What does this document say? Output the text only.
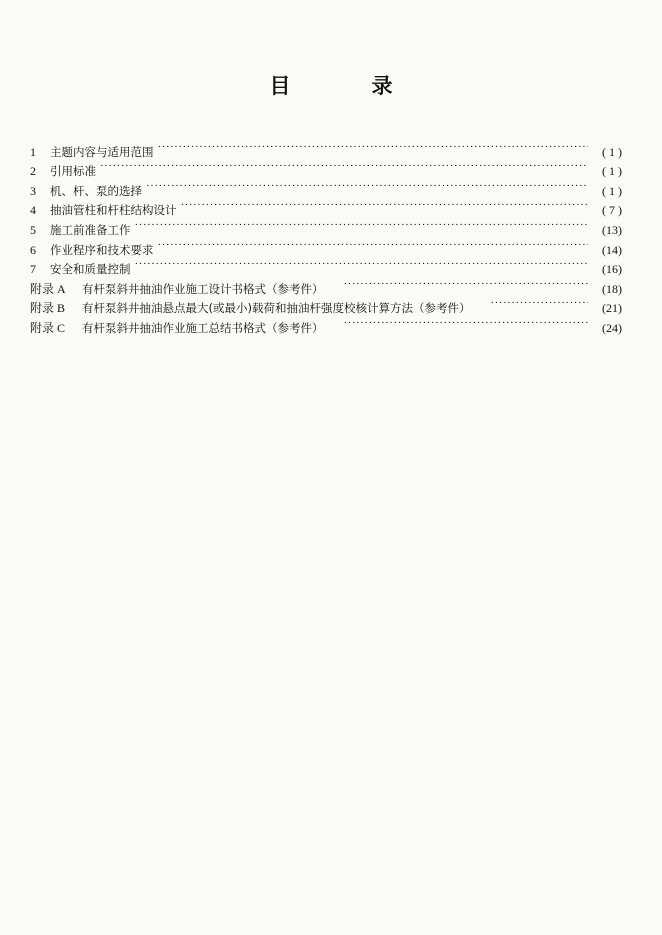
目　录
1	主题内容与适用范围 ·····	( 1 )
2	引用标准 ·····	( 1 )
3	机、杆、泵的选择 ·····	( 1 )
4	抽油管柱和杆柱结构设计 ·····	( 7 )
5	施工前准备工作 ·····	(13)
6	作业程序和技术要求 ·····	(14)
7	安全和质量控制 ·····	(16)
附录 A	有杆泵斜井抽油作业施工设计书格式（参考件） ·····	(18)
附录 B	有杆泵斜井抽油悬点最大(或最小)载荷和抽油杆强度校核计算方法（参考件） ·····	(21)
附录 C	有杆泵斜井抽油作业施工总结书格式（参考件） ·····	(24)
